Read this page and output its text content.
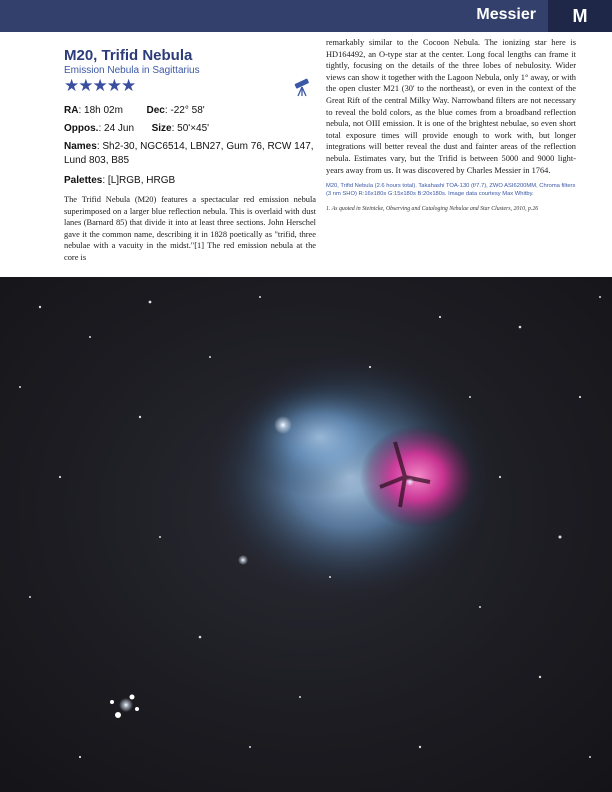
Messier	M
M20, Trifid Nebula
Emission Nebula in Sagittarius
★★★★★
RA: 18h 02m Dec: -22° 58'
Oppos.: 24 Jun Size: 50'×45'
Names: Sh2-30, NGC6514, LBN27, Gum 76, RCW 147, Lund 803, B85
Palettes: [L]RGB, HRGB
The Trifid Nebula (M20) features a spectacular red emission nebula superimposed on a larger blue reflection nebula. This is overlaid with dust lanes (Barnard 85) that divide it into at least three sections. John Herschel gave it the common name, describing it in 1828 poetically as "trifid, three nebulae with a vacuity in the midst."[1] The red emission nebula at the core is
remarkably similar to the Cocoon Nebula. The ionizing star here is HD164492, an O-type star at the center. Long focal lengths can frame it tightly, focusing on the details of the three lobes of nebulosity. Wider views can show it together with the Lagoon Nebula, only 1° away, or with the open cluster M21 (30' to the northeast), or even in the context of the Great Rift of the central Milky Way. Narrowband filters are not necessary to reveal the bold colors, as the blue comes from a broadband reflection nebula, not OIII emission. It is one of the brightest nebulae, so even short total exposure times will provide enough to work with, but longer integrations will better reveal the dust and fainter areas of the reflection nebula. Estimates vary, but the Trifid is between 5000 and 9000 light-years away from us. It was discovered by Charles Messier in 1764.
M20, Trifid Nebula (2.6 hours total). Takahashi TOA-130 (f/7.7), ZWO ASI6200MM, Chroma filters (3 nm SHO) R:16x180s G:15x180s B:20x180s. Image data courtesy Max Whitby.
1. As quoted in Steinicke, Observing and Cataloging Nebulae and Star Clusters, 2010, p.26
